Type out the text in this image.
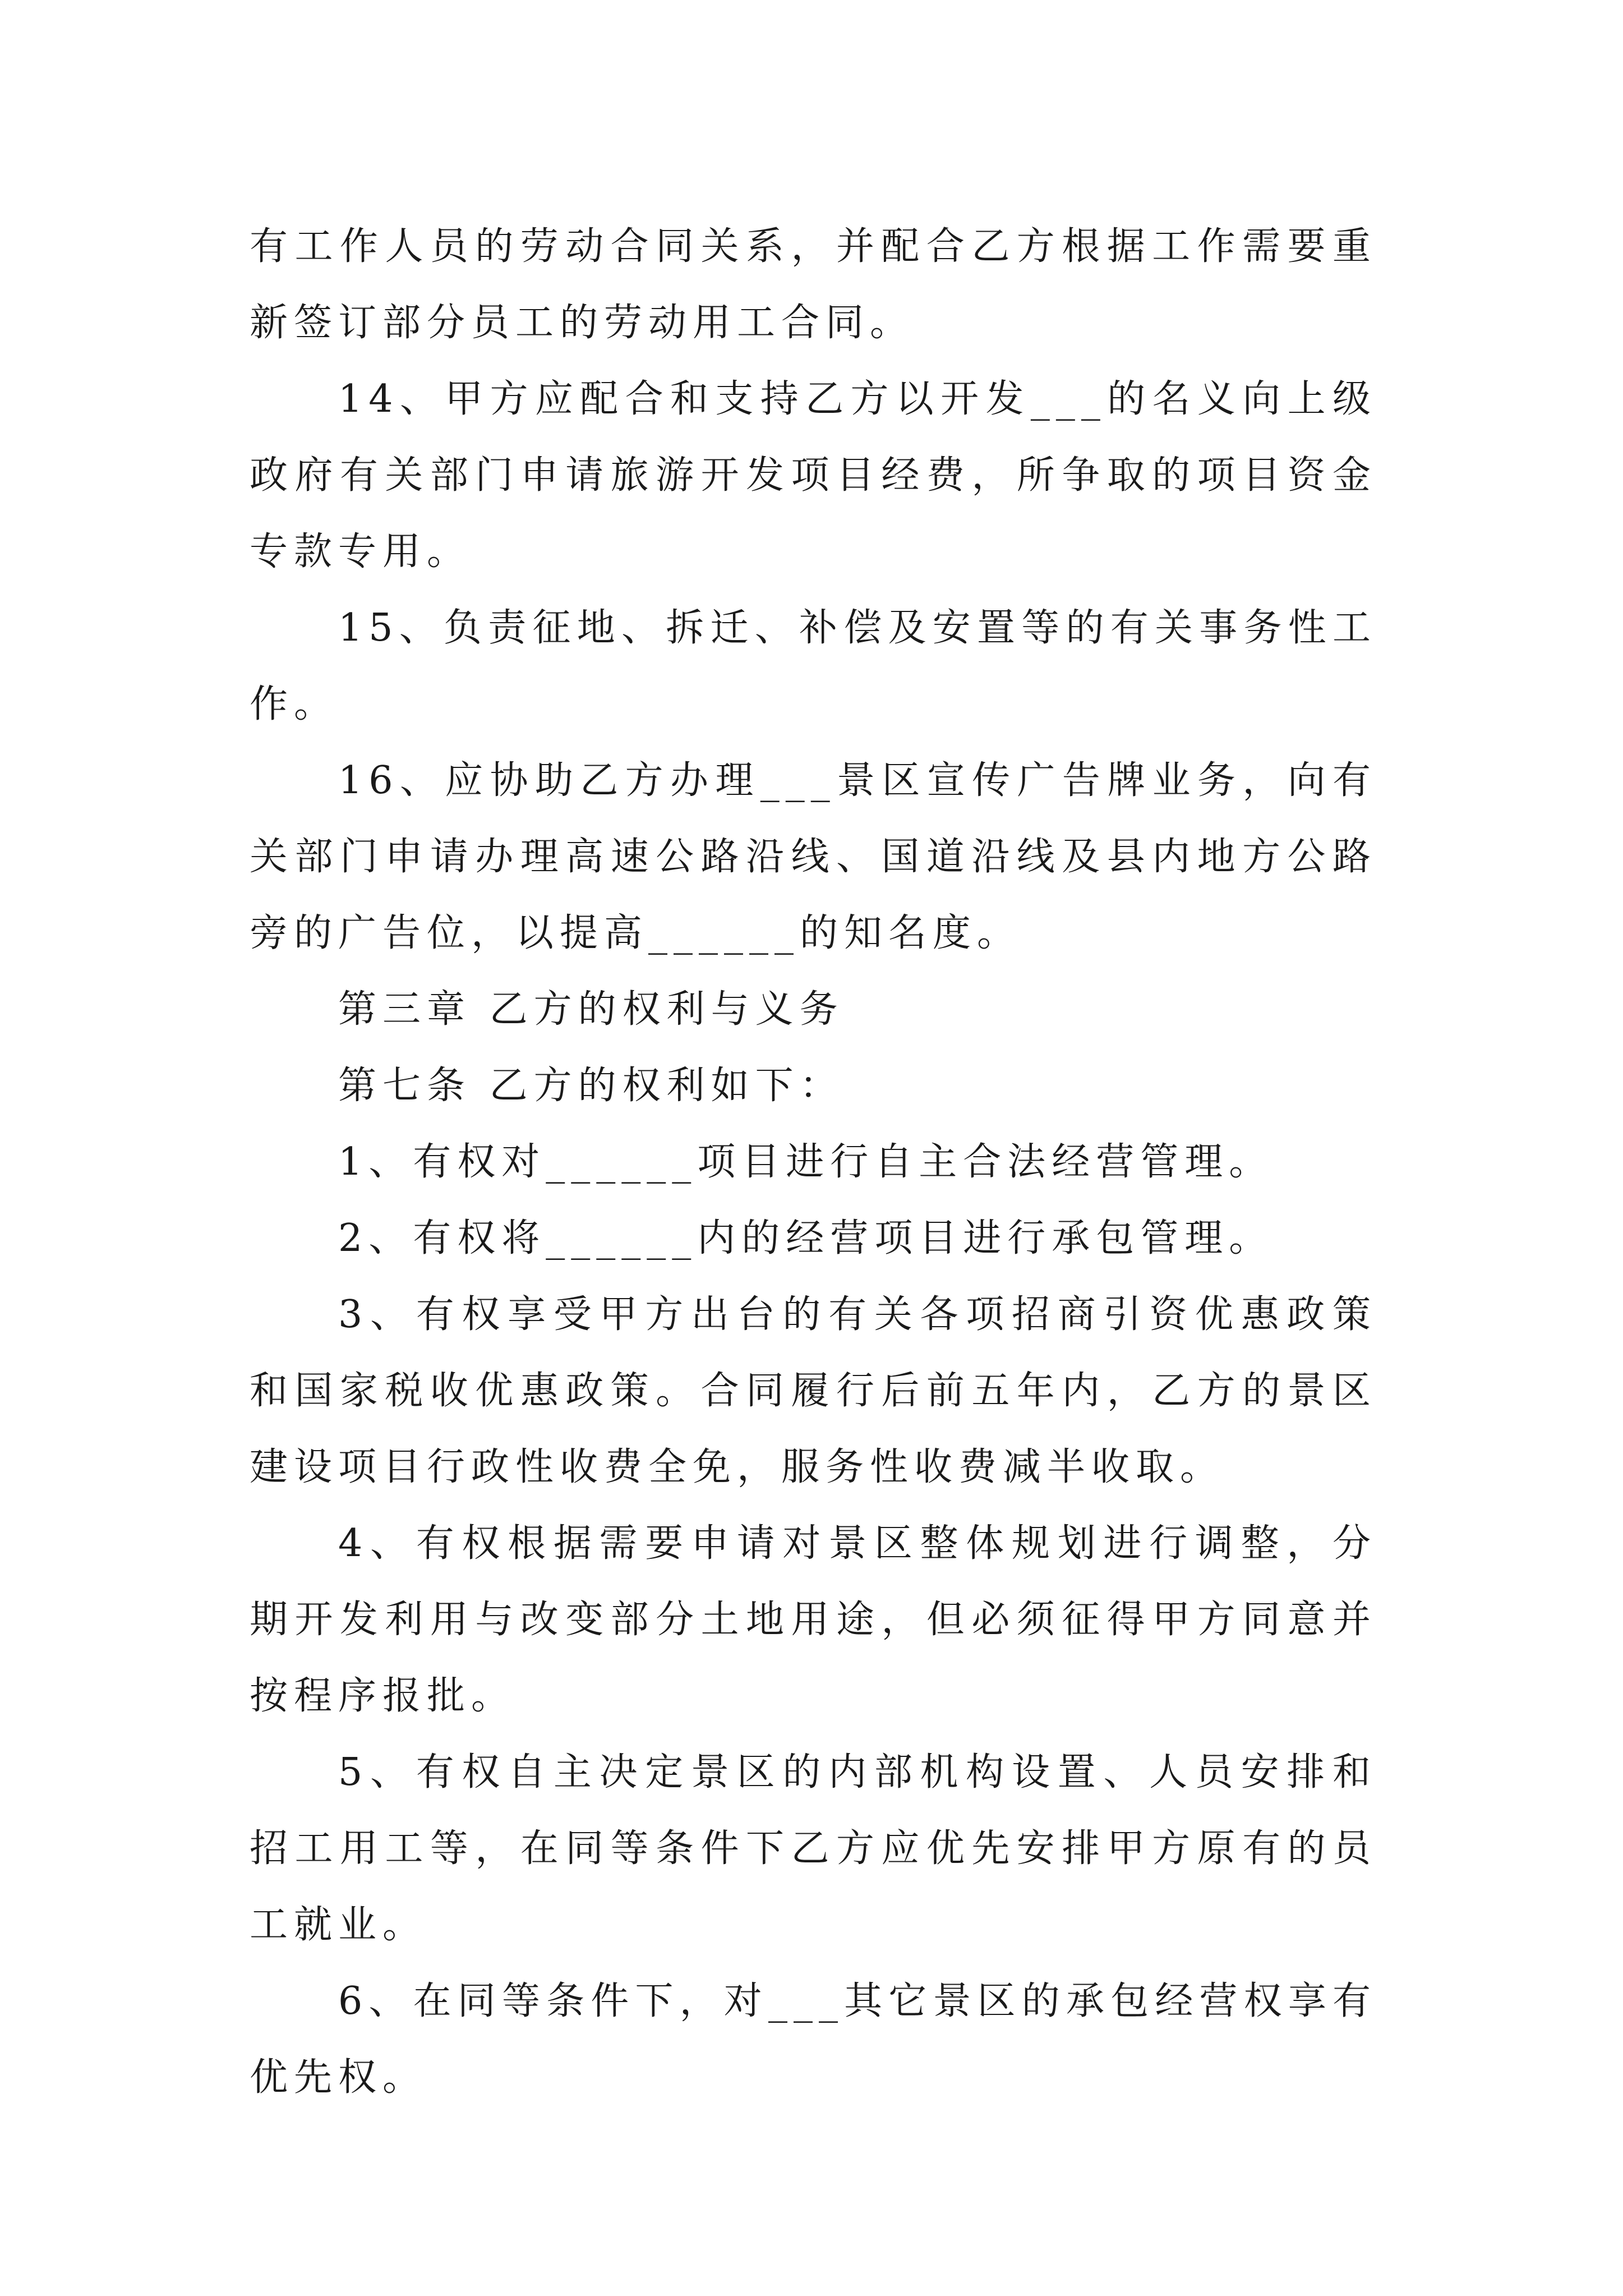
有工作人员的劳动合同关系，并配合乙方根据工作需要重新签订部分员工的劳动用工合同。

14、甲方应配合和支持乙方以开发___的名义向上级政府有关部门申请旅游开发项目经费，所争取的项目资金专款专用。

15、负责征地、拆迁、补偿及安置等的有关事务性工作。

16、应协助乙方办理___景区宣传广告牌业务，向有关部门申请办理高速公路沿线、国道沿线及县内地方公路旁的广告位，以提高______的知名度。

第三章 乙方的权利与义务

第七条 乙方的权利如下：

1、有权对______项目进行自主合法经营管理。

2、有权将______内的经营项目进行承包管理。

3、有权享受甲方出台的有关各项招商引资优惠政策和国家税收优惠政策。合同履行后前五年内，乙方的景区建设项目行政性收费全免，服务性收费减半收取。

4、有权根据需要申请对景区整体规划进行调整，分期开发利用与改变部分土地用途，但必须征得甲方同意并按程序报批。

5、有权自主决定景区的内部机构设置、人员安排和招工用工等，在同等条件下乙方应优先安排甲方原有的员工就业。

6、在同等条件下，对___其它景区的承包经营权享有优先权。
